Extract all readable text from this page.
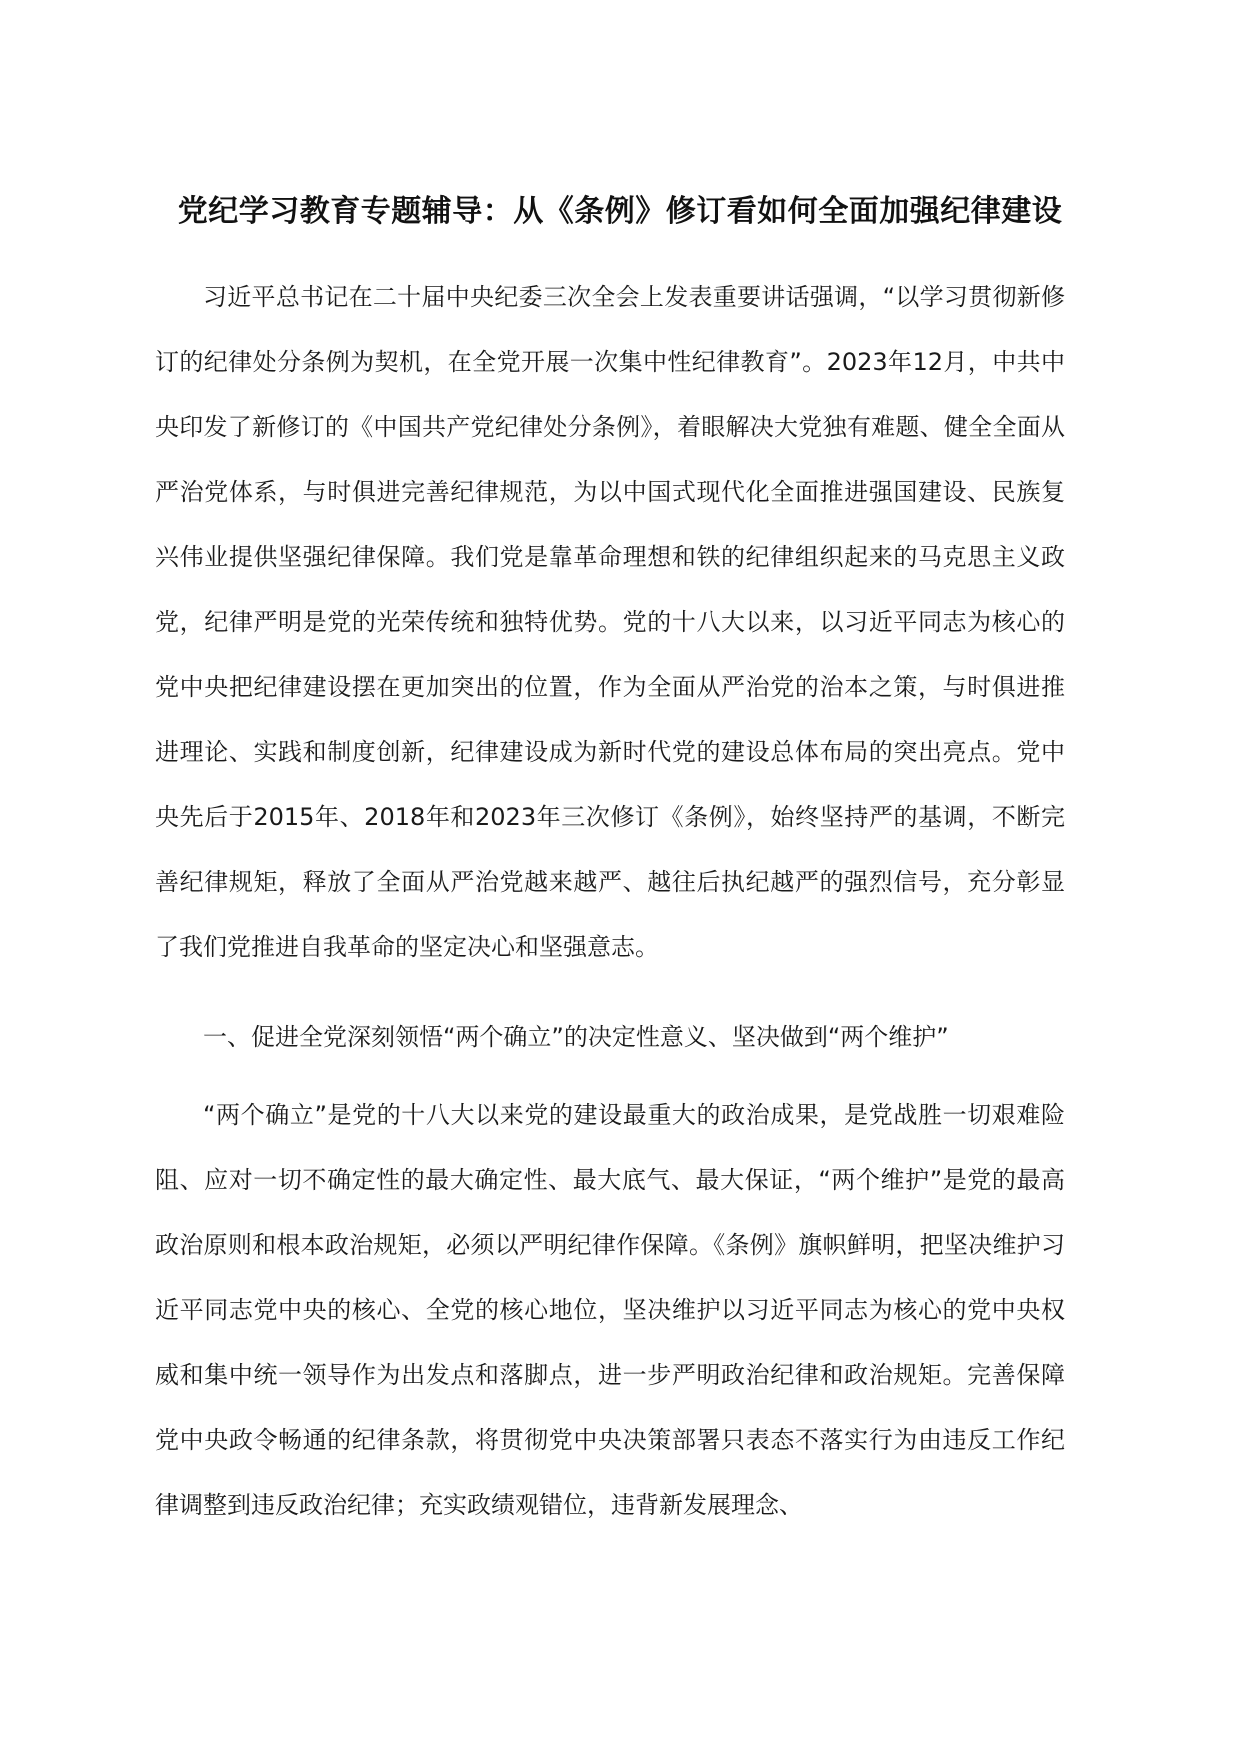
党纪学习教育专题辅导：从《条例》修订看如何全面加强纪律建设

习近平总书记在二十届中央纪委三次全会上发表重要讲话强调，“以学习贯彻新修订的纪律处分条例为契机，在全党开展一次集中性纪律教育”。2023年12月，中共中央印发了新修订的《中国共产党纪律处分条例》，着眼解决大党独有难题、健全全面从严治党体系，与时俱进完善纪律规范，为以中国式现代化全面推进强国建设、民族复兴伟业提供坚强纪律保障。我们党是靠革命理想和铁的纪律组织起来的马克思主义政党，纪律严明是党的光荣传统和独特优势。党的十八大以来，以习近平同志为核心的党中央把纪律建设摆在更加突出的位置，作为全面从严治党的治本之策，与时俱进推进理论、实践和制度创新，纪律建设成为新时代党的建设总体布局的突出亮点。党中央先后于2015年、2018年和2023年三次修订《条例》，始终坚持严的基调，不断完善纪律规矩，释放了全面从严治党越来越严、越往后执纪越严的强烈信号，充分彰显了我们党推进自我革命的坚定决心和坚强意志。

一、促进全党深刻领悟“两个确立”的决定性意义、坚决做到“两个维护”

“两个确立”是党的十八大以来党的建设最重大的政治成果，是党战胜一切艰难险阻、应对一切不确定性的最大确定性、最大底气、最大保证，“两个维护”是党的最高政治原则和根本政治规矩，必须以严明纪律作保障。《条例》旗帜鲜明，把坚决维护习近平同志党中央的核心、全党的核心地位，坚决维护以习近平同志为核心的党中央权威和集中统一领导作为出发点和落脚点，进一步严明政治纪律和政治规矩。完善保障党中央政令畅通的纪律条款，将贯彻党中央决策部署只表态不落实行为由违反工作纪律调整到违反政治纪律；充实政绩观错位，违背新发展理念、
